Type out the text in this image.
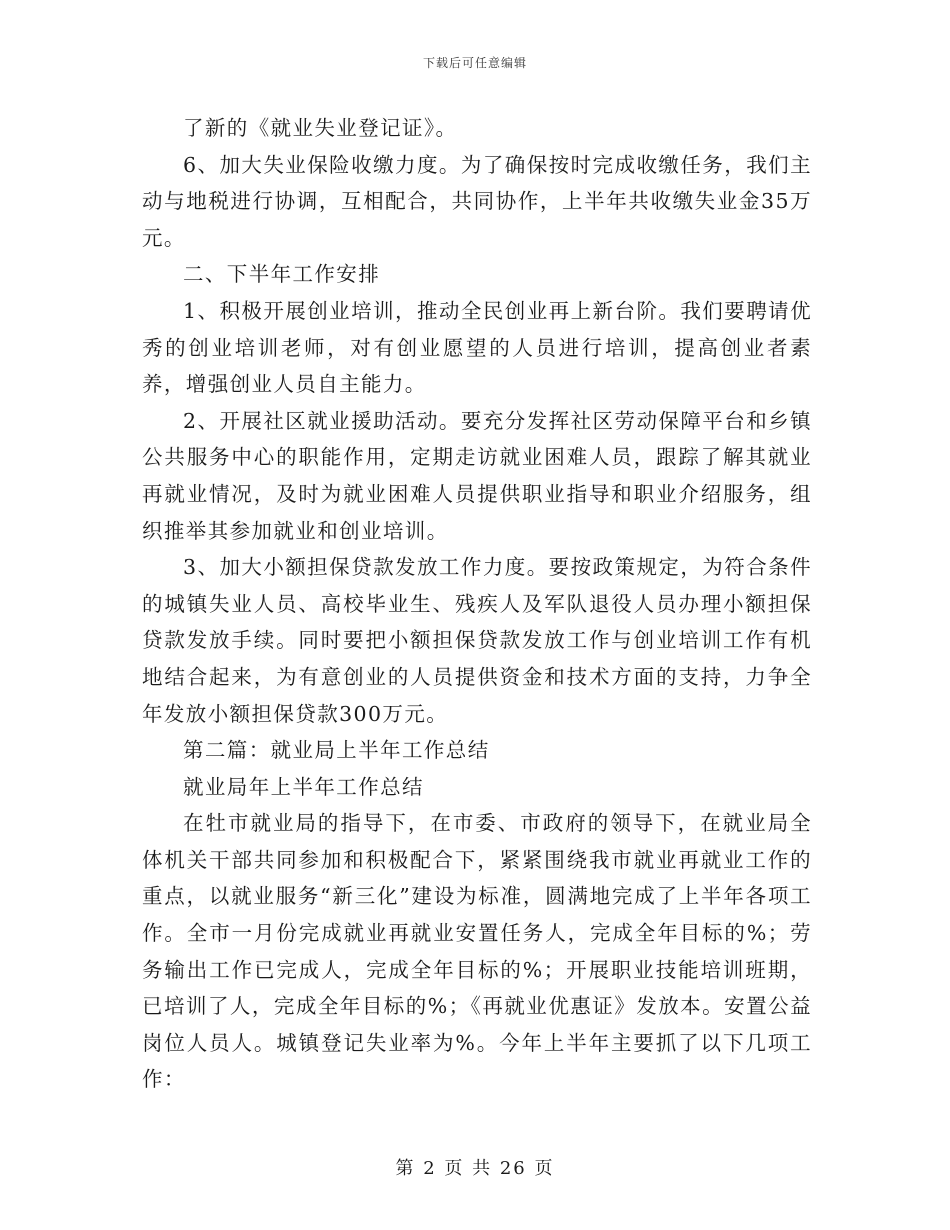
下载后可任意编辑

了新的《就业失业登记证》。

6、加大失业保险收缴力度。为了确保按时完成收缴任务，我们主动与地税进行协调，互相配合，共同协作，上半年共收缴失业金35万元。

二、下半年工作安排

1、积极开展创业培训，推动全民创业再上新台阶。我们要聘请优秀的创业培训老师，对有创业愿望的人员进行培训，提高创业者素养，增强创业人员自主能力。

2、开展社区就业援助活动。要充分发挥社区劳动保障平台和乡镇公共服务中心的职能作用，定期走访就业困难人员，跟踪了解其就业再就业情况，及时为就业困难人员提供职业指导和职业介绍服务，组织推举其参加就业和创业培训。

3、加大小额担保贷款发放工作力度。要按政策规定，为符合条件的城镇失业人员、高校毕业生、残疾人及军队退役人员办理小额担保贷款发放手续。同时要把小额担保贷款发放工作与创业培训工作有机地结合起来，为有意创业的人员提供资金和技术方面的支持，力争全年发放小额担保贷款300万元。

第二篇：就业局上半年工作总结

就业局年上半年工作总结

在牡市就业局的指导下，在市委、市政府的领导下，在就业局全体机关干部共同参加和积极配合下，紧紧围绕我市就业再就业工作的重点，以就业服务“新三化”建设为标准，圆满地完成了上半年各项工作。全市一月份完成就业再就业安置任务人，完成全年目标的%；劳务输出工作已完成人，完成全年目标的%；开展职业技能培训班期，已培训了人，完成全年目标的%；《再就业优惠证》发放本。安置公益岗位人员人。城镇登记失业率为%。今年上半年主要抓了以下几项工作：

第 2 页 共 26 页
